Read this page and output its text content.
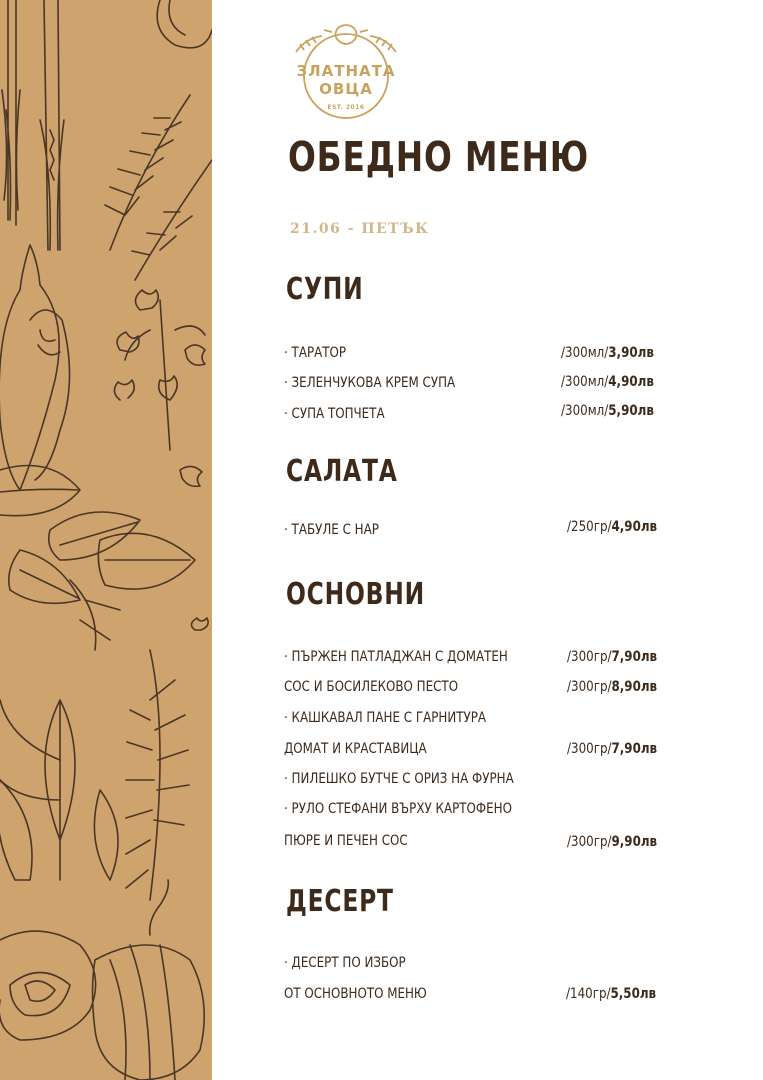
ЗЛАТНАТА
ОВЦА
EST. 2016
ОБЕДНО МЕНЮ
21.06 - ПЕТЪК
СУПИ
· ТАРАТОР	/300мл/3,90лв
· ЗЕЛЕНЧУКОВА КРЕМ СУПА	/300мл/4,90лв
· СУПА ТОПЧЕТА	/300мл/5,90лв
САЛАТА
· ТАБУЛЕ С НАР	/250гр/4,90лв
ОСНОВНИ
· ПЪРЖЕН ПАТЛАДЖАН С ДОМАТЕН	/300гр/7,90лв
СОС И БОСИЛЕКОВО ПЕСТО	/300гр/8,90лв
· КАШКАВАЛ ПАНЕ С ГАРНИТУРА
ДОМАТ И КРАСТАВИЦА	/300гр/7,90лв
· ПИЛЕШКО БУТЧЕ С ОРИЗ НА ФУРНА
· РУЛО СТЕФАНИ ВЪРХУ КАРТОФЕНО
ПЮРЕ И ПЕЧЕН СОС	/300гр/9,90лв
ДЕСЕРТ
· ДЕСЕРТ ПО ИЗБОР
ОТ ОСНОВНОТО МЕНЮ	/140гр/5,50лв
